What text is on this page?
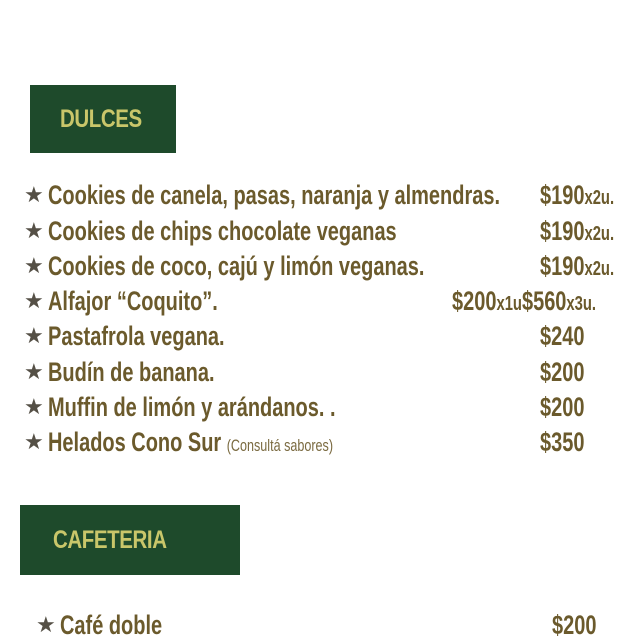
DULCES
★ Cookies de canela, pasas, naranja y almendras. $190x2u.
★ Cookies de chips chocolate veganas	$190x2u.
★ Cookies de coco, cajú y limón veganas.	$190x2u.
★ Alfajor “Coquito”.	$200x1u$560x3u.
★ Pastafrola vegana.	$240
★ Budín de banana.	$200
★ Muffin de limón y arándanos. .	$200
★ Helados Cono Sur (Consultá sabores)	$350
CAFETERIA
★ Café doble	$200
